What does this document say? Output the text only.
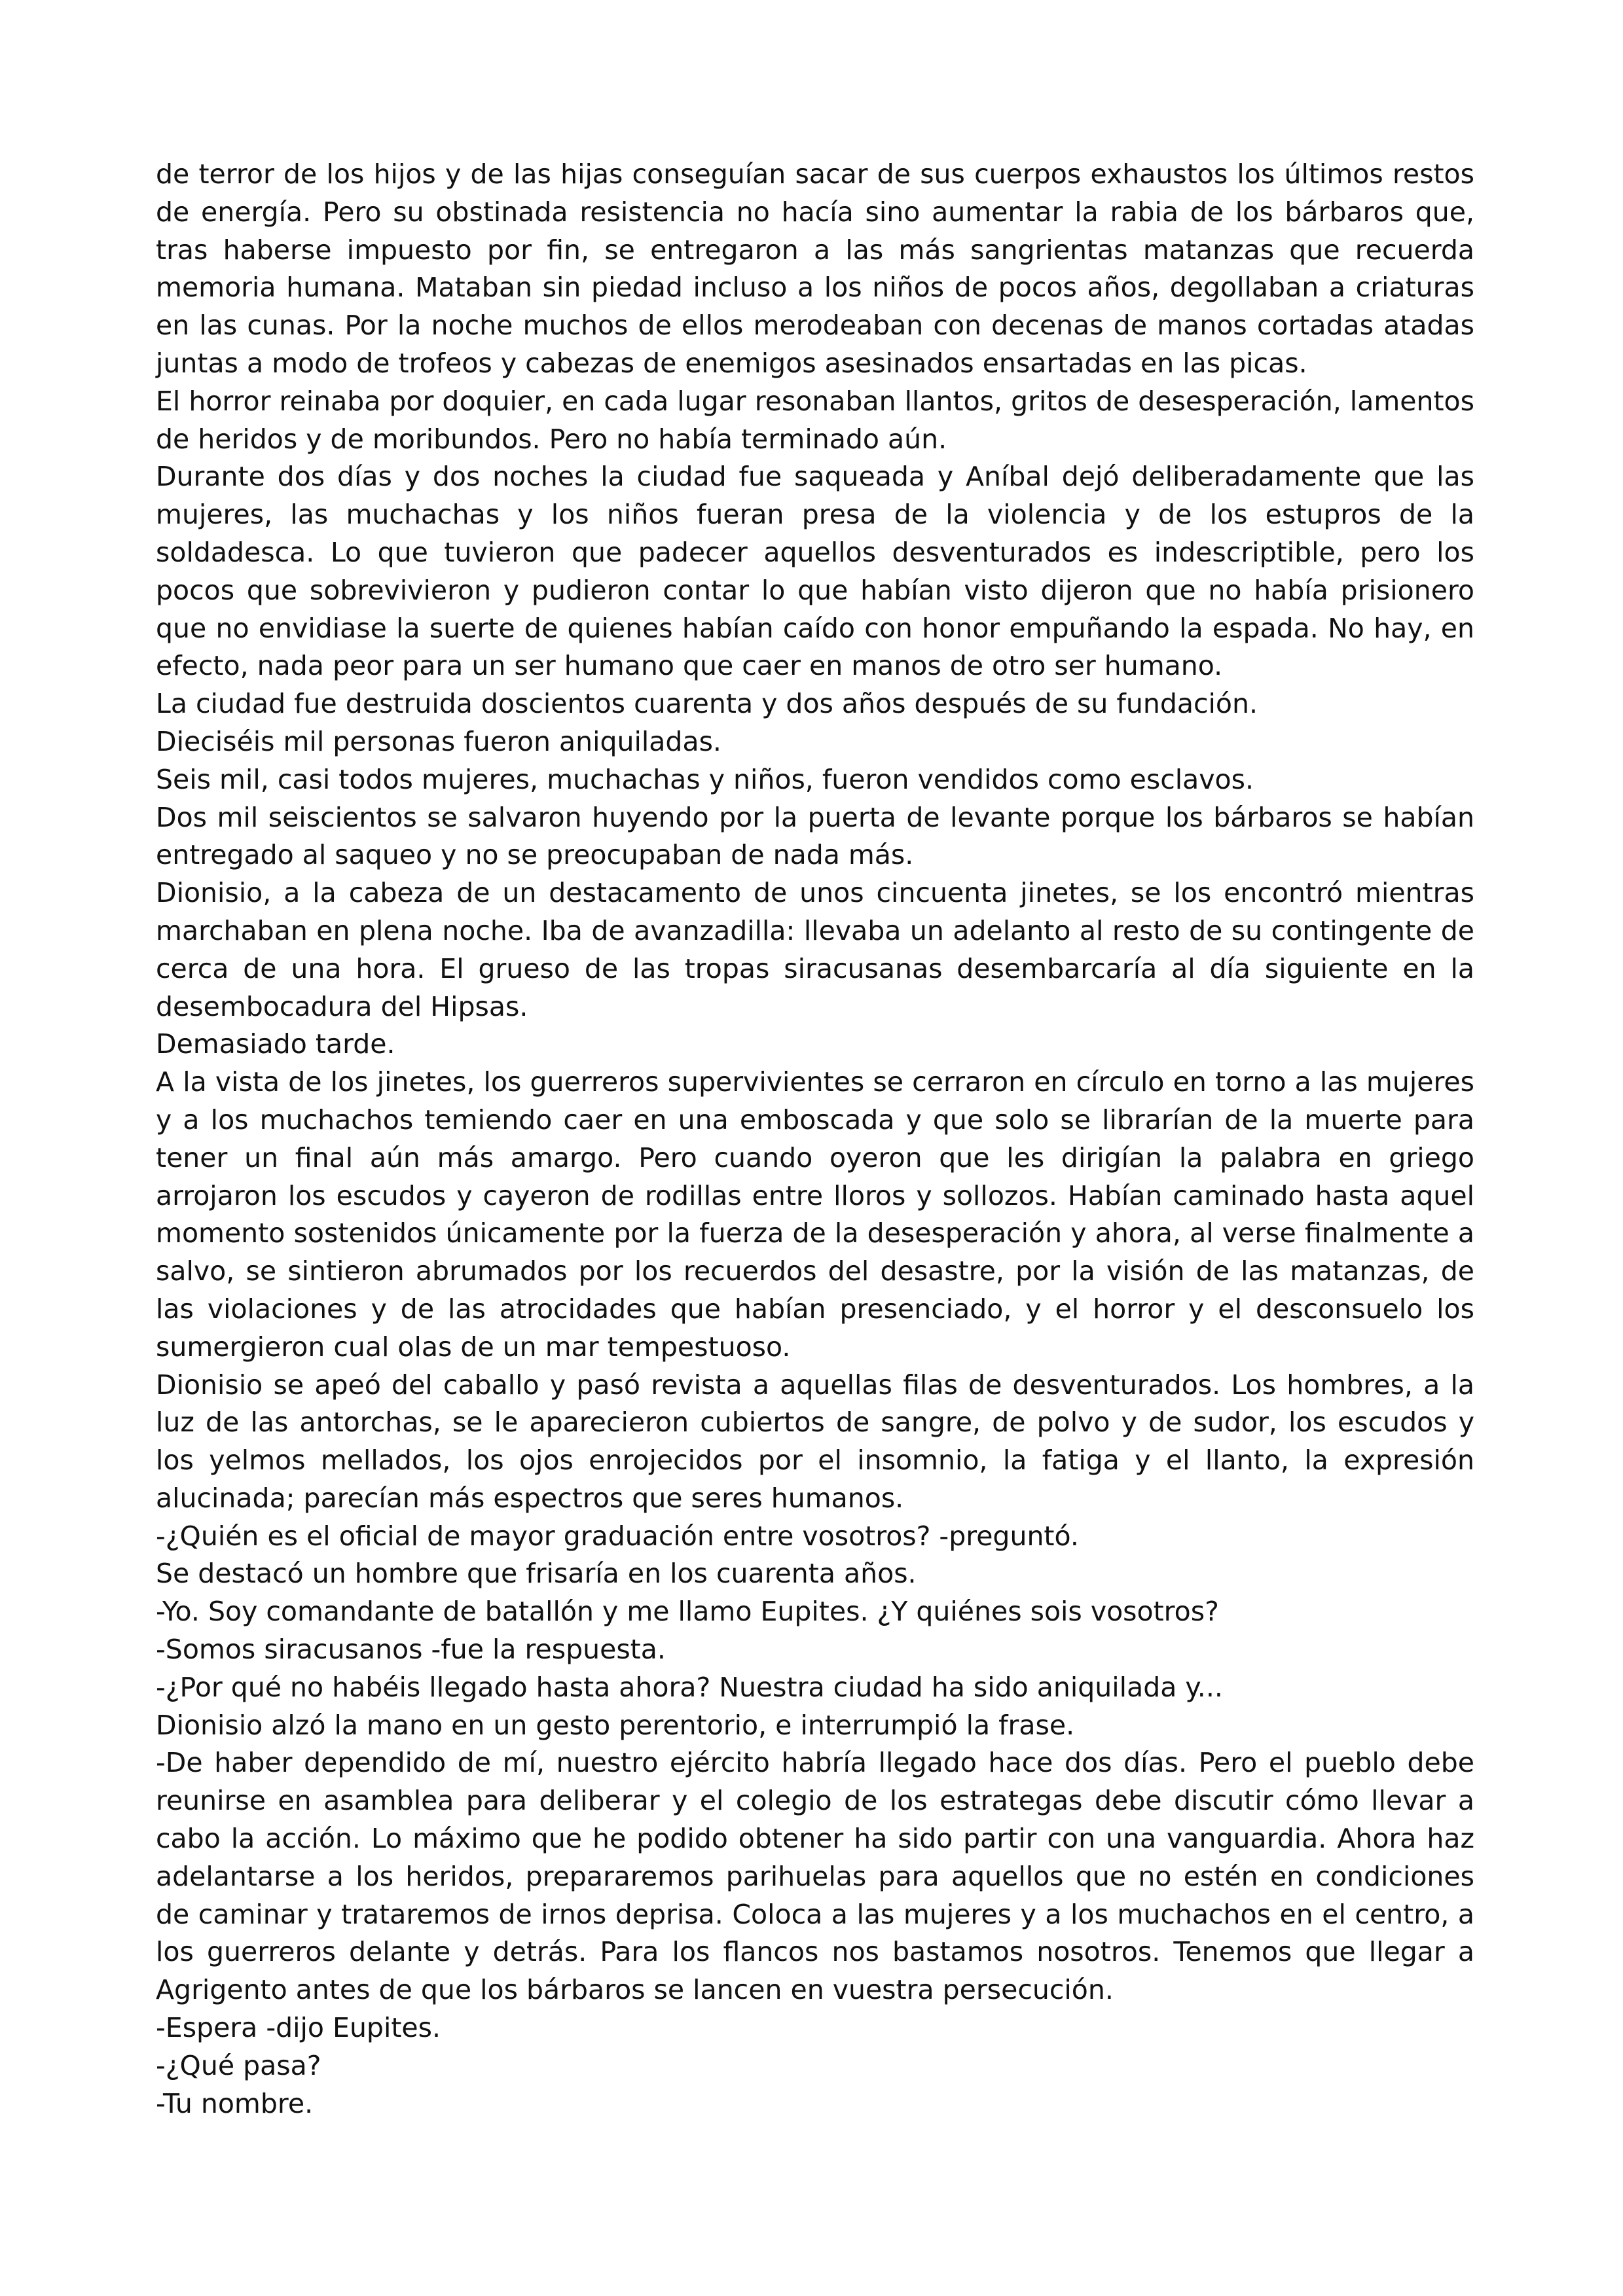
de terror de los hijos y de las hijas conseguían sacar de sus cuerpos exhaustos los últimos restos de energía. Pero su obstinada resistencia no hacía sino aumentar la rabia de los bárbaros que, tras haberse impuesto por fin, se entregaron a las más sangrientas matanzas que recuerda memoria humana. Mataban sin piedad incluso a los niños de pocos años, degollaban a criaturas en las cunas. Por la noche muchos de ellos merodeaban con decenas de manos cortadas atadas juntas a modo de trofeos y cabezas de enemigos asesinados ensartadas en las picas.

El horror reinaba por doquier, en cada lugar resonaban llantos, gritos de desesperación, lamentos de heridos y de moribundos. Pero no había terminado aún.

Durante dos días y dos noches la ciudad fue saqueada y Aníbal dejó deliberadamente que las mujeres, las muchachas y los niños fueran presa de la violencia y de los estupros de la soldadesca. Lo que tuvieron que padecer aquellos desventurados es indescriptible, pero los pocos que sobrevivieron y pudieron contar lo que habían visto dijeron que no había prisionero que no envidiase la suerte de quienes habían caído con honor empuñando la espada. No hay, en efecto, nada peor para un ser humano que caer en manos de otro ser humano.

La ciudad fue destruida doscientos cuarenta y dos años después de su fundación.

Dieciséis mil personas fueron aniquiladas.

Seis mil, casi todos mujeres, muchachas y niños, fueron vendidos como esclavos.

Dos mil seiscientos se salvaron huyendo por la puerta de levante porque los bárbaros se habían entregado al saqueo y no se preocupaban de nada más.

Dionisio, a la cabeza de un destacamento de unos cincuenta jinetes, se los encontró mientras marchaban en plena noche. Iba de avanzadilla: llevaba un adelanto al resto de su contingente de cerca de una hora. El grueso de las tropas siracusanas desembarcaría al día siguiente en la desembocadura del Hipsas.

Demasiado tarde.

A la vista de los jinetes, los guerreros supervivientes se cerraron en círculo en torno a las mujeres y a los muchachos temiendo caer en una emboscada y que solo se librarían de la muerte para tener un final aún más amargo. Pero cuando oyeron que les dirigían la palabra en griego arrojaron los escudos y cayeron de rodillas entre lloros y sollozos. Habían caminado hasta aquel momento sostenidos únicamente por la fuerza de la desesperación y ahora, al verse finalmente a salvo, se sintieron abrumados por los recuerdos del desastre, por la visión de las matanzas, de las violaciones y de las atrocidades que habían presenciado, y el horror y el desconsuelo los sumergieron cual olas de un mar tempestuoso.

Dionisio se apeó del caballo y pasó revista a aquellas filas de desventurados. Los hombres, a la luz de las antorchas, se le aparecieron cubiertos de sangre, de polvo y de sudor, los escudos y los yelmos mellados, los ojos enrojecidos por el insomnio, la fatiga y el llanto, la expresión alucinada; parecían más espectros que seres humanos.

-¿Quién es el oficial de mayor graduación entre vosotros? -preguntó.

Se destacó un hombre que frisaría en los cuarenta años.

-Yo. Soy comandante de batallón y me llamo Eupites. ¿Y quiénes sois vosotros?

-Somos siracusanos -fue la respuesta.

-¿Por qué no habéis llegado hasta ahora? Nuestra ciudad ha sido aniquilada y...

Dionisio alzó la mano en un gesto perentorio, e interrumpió la frase.

-De haber dependido de mí, nuestro ejército habría llegado hace dos días. Pero el pueblo debe reunirse en asamblea para deliberar y el colegio de los estrategas debe discutir cómo llevar a cabo la acción. Lo máximo que he podido obtener ha sido partir con una vanguardia. Ahora haz adelantarse a los heridos, prepararemos parihuelas para aquellos que no estén en condiciones de caminar y trataremos de irnos deprisa. Coloca a las mujeres y a los muchachos en el centro, a los guerreros delante y detrás. Para los flancos nos bastamos nosotros. Tenemos que llegar a Agrigento antes de que los bárbaros se lancen en vuestra persecución.

-Espera -dijo Eupites.

-¿Qué pasa?

-Tu nombre.
